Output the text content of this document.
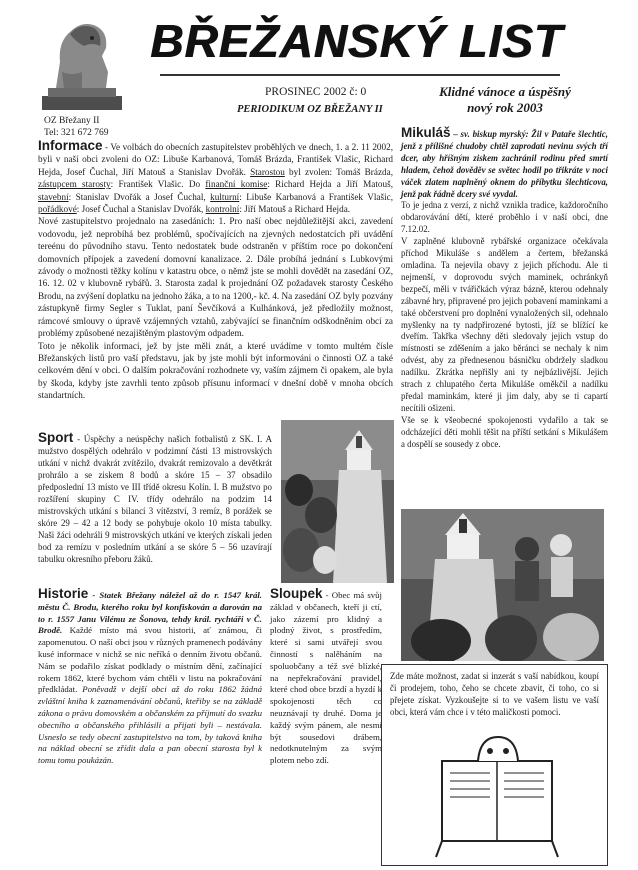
OZ Břežany II
Tel: 321 672 769
BŘEŽANSKÝ LIST
PROSINEC 2002 č: 0
PERIODIKUM OZ BŘEŽANY II
Klidné vánoce a úspěšný
nový rok 2003

Informace - Ve volbách do obecních zastupitelstev proběhlých ve dnech, 1. a 2. 11 2002, byli v naší obci zvoleni do OZ: Libuše Karbanová, Tomáš Brázda, František Vlašic, Richard Hejda, Josef Čuchal, Jiří Matouš a Stanislav Dvořák. Starostou byl zvolen: Tomáš Brázda, zástupcem starosty: František Vlašic. Do finanční komise: Richard Hejda a Jiří Matouš, stavební: Stanislav Dvořák a Josef Čuchal, kulturní: Libuše Karbanová a František Vlašic, pořádkové: Josef Čuchal a Stanislav Dvořák, kontrolní: Jiří Matouš a Richard Hejda.

Nové zastupitelstvo projednalo na zasedáních: 1. Pro naší obec nejdůležitější akci, zavedení vodovodu, jež neprobíhá bez problémů, spočívajících na zjevných nedostatcích při uvádění tereénu do původního stavu. Tento nedostatek bude odstraněn v příštím roce po dokončení domovních přípojek a zavedení domovní kanalizace. 2. Dále probíhá jednání s Lubkovými závody o možnosti těžky kolínu v katastru obce, o němž jste se mohli dovědět na zasedání OZ, 16. 12. 02 v klubovně rybářů. 3. Starosta zadal k projednání OZ požadavek starosty Českého Brodu, na zvýšení doplatku na jednoho žáka, a to na 1200,- kč. 4. Na zasedání OZ byly pozvány zástupkyně firmy Segler s Tuklat, paní Ševčíková a Kulhánková, jež předložily možnost, rámcové smlouvy o úpravě vzájemných vztahů, zabývající se finančním odškodněním obcí za problémy způsobené nezajištěným plastovým odpadem.

Toto je několik informací, jež by jste měli znát, a které uvádíme v tomto multém čísle Břežanských listů pro vaší představu, jak by jste mohli být informováni o činnosti OZ a také celkovém dění v obci. O dalším pokračování rozhodnete vy, vaším zájmem či opakem, ale byla by škoda, kdyby jste zavrhli tento způsob přísunu informací v dnešní době v mnoha obcích standartních.

Sport - Úspěchy a neúspěchy našich fotbalistů z SK. I. A mužstvo dospělých odehrálo v podzimní části 13 mistrovských utkání v nichž dvakrát zvítězilo, dvakrát remizovalo a devětkrát prohrálo a se ziskem 8 bodů a skóre 15 – 37 obsadilo předposlední 13 místo ve III třídě okresu Kolín. I. B mužstvo po rozšíření skupiny C IV. třídy odehrálo na podzim 14 mistrovských utkání s bilancí 3 vítězství, 3 remíz, 8 porážek se skóre 29 – 42 a 12 body se pohybuje okolo 10 místa tabulky. Naši žáci odehráli 9 mistrovských utkání ve kterých získali jeden bod za remízu v posledním utkání a se skóre 5 – 56 uzavírají tabulku okresního přeboru žáků.

Historie - Statek Břežany náležel až do r. 1547 král. městu Č. Brodu, kterého roku byl konfiskován a darován na to r. 1557 Janu Vilému ze Šonova, tehdy král. rychtáři v Č. Brodě. Každé místo má svou historii, ať známou, či zapomenutou. O naší obci jsou v různých pramenech podávány kusé informace v nichž se nic neříká o denním životu občanů. Nám se podařilo získat podklady o místním dění, začínající rokem 1862, které bychom vám chtěli v listu na pokračování předkládat. Poněvadž v dejší obci až do roku 1862 žádná zvláštní kniha k zaznamenávání občanů, kteřiby se na základě zákona o právu domovském a občanském za příjmutí do svazku obecního a občanského přihlásili a přijati byli – nestávala. Usneslo se tedy obecní zastupitelstvo na tom, by taková kniha na náklad obecní se zřídit dala a pan obecní starosta byl k tomu tomu poukázán.

Sloupek - Obec má svůj základ v občanech, kteří ji ctí, jako zázemí pro klidný a plodný život, s prostředím, které si sami utvářejí svou činností s nalěháním na spoluobčany a též své blízké, na nepřekračování pravidel, které chod obce brzdí a hyzdí k spokojenosti těch co neuznávají ty druhé. Doma je každý svým pánem, ale nesmí být sousedovi drábem, nedotknutelným za svým plotem nebo zdí.

Mikuláš – sv. biskup myrský: Žil v Pataře šlechtic, jenž z přílišné chudoby chtěl zaprodati nevinu svých tří dcer, aby hříšným ziskem zachránil rodinu před smrtí hladem, čehož dověděv se světec hodil po třikráte v noci váček zlatem naplněný oknem do příbytku šlechticova, jenž pak řádně dcery své vyvdal.

To je jedna z verzí, z nichž vznikla tradice, každoročního obdarovávání dětí, které proběhlo i v naší obci, dne 7.12.02.

V zaplněné klubovně rybářské organizace očekávala příchod Mikuláše s andělem a čertem, břežanská omladina. Ta nejevila obavy z jejich příchodu. Ale ti nejmenší, v doprovodu svých maminek, ochránkyň bezpečí, měli v tvářičkách výraz bázně, kterou odehnaly zábavné hry, připravené pro jejich pobavení maminkami a také občerstvení pro doplnění vynaložených sil, odehnalo myšlenky na ty nadpřirozené bytosti, jíž se blížící ke dveřím. Takřka všechny děti sledovaly jejich vstup do místnosti se zděšením a jako běránci se nechaly k nim odvést, aby za přednesenou básničku obdržely sladkou nadílku. Zkrátka nepřišly ani ty nejbázlivější. Jejich strach z chlupatého čerta Mikuláše oměkčil a nadílku předal maminkám, které ji jim daly, aby se ti capartí necítili ošizeni.

Vše se k všeobecné spokojenosti vydařilo a tak se odcházející děti mohli těšit na příští setkání s Mikulášem a dospělí se sousedy z obce.

Zde máte možnost, zadat si inzerát s vaší nabídkou, koupí či prodejem, toho, čeho se chcete zbavit, či toho, co si přejete získat. Vyzkoušejte si to ve vašem listu ve vaší obci, která vám chce i v této maličkosti pomoci.
